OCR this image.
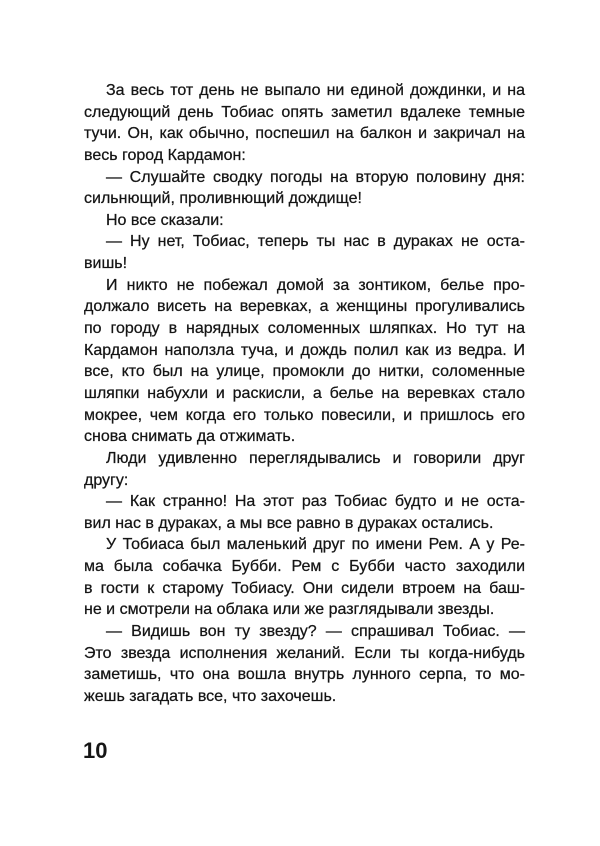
За весь тот день не выпало ни единой дождинки, и на
следующий день Тобиас опять заметил вдалеке темные
тучи. Он, как обычно, поспешил на балкон и закричал на
весь город Кардамон:
— Слушайте сводку погоды на вторую половину дня:
сильнющий, проливнющий дождище!
Но все сказали:
— Ну нет, Тобиас, теперь ты нас в дураках не оста-
вишь!
И никто не побежал домой за зонтиком, белье про-
должало висеть на веревках, а женщины прогуливались
по городу в нарядных соломенных шляпках. Но тут на
Кардамон наползла туча, и дождь полил как из ведра. И
все, кто был на улице, промокли до нитки, соломенные
шляпки набухли и раскисли, а белье на веревках стало
мокрее, чем когда его только повесили, и пришлось его
снова снимать да отжимать.
Люди удивленно переглядывались и говорили друг
другу:
— Как странно! На этот раз Тобиас будто и не оста-
вил нас в дураках, а мы все равно в дураках остались.
У Тобиаса был маленький друг по имени Рем. А у Ре-
ма была собачка Бубби. Рем с Бубби часто заходили
в гости к старому Тобиасу. Они сидели втроем на баш-
не и смотрели на облака или же разглядывали звезды.
— Видишь вон ту звезду? — спрашивал Тобиас. —
Это звезда исполнения желаний. Если ты когда-нибудь
заметишь, что она вошла внутрь лунного серпа, то мо-
жешь загадать все, что захочешь.
10
